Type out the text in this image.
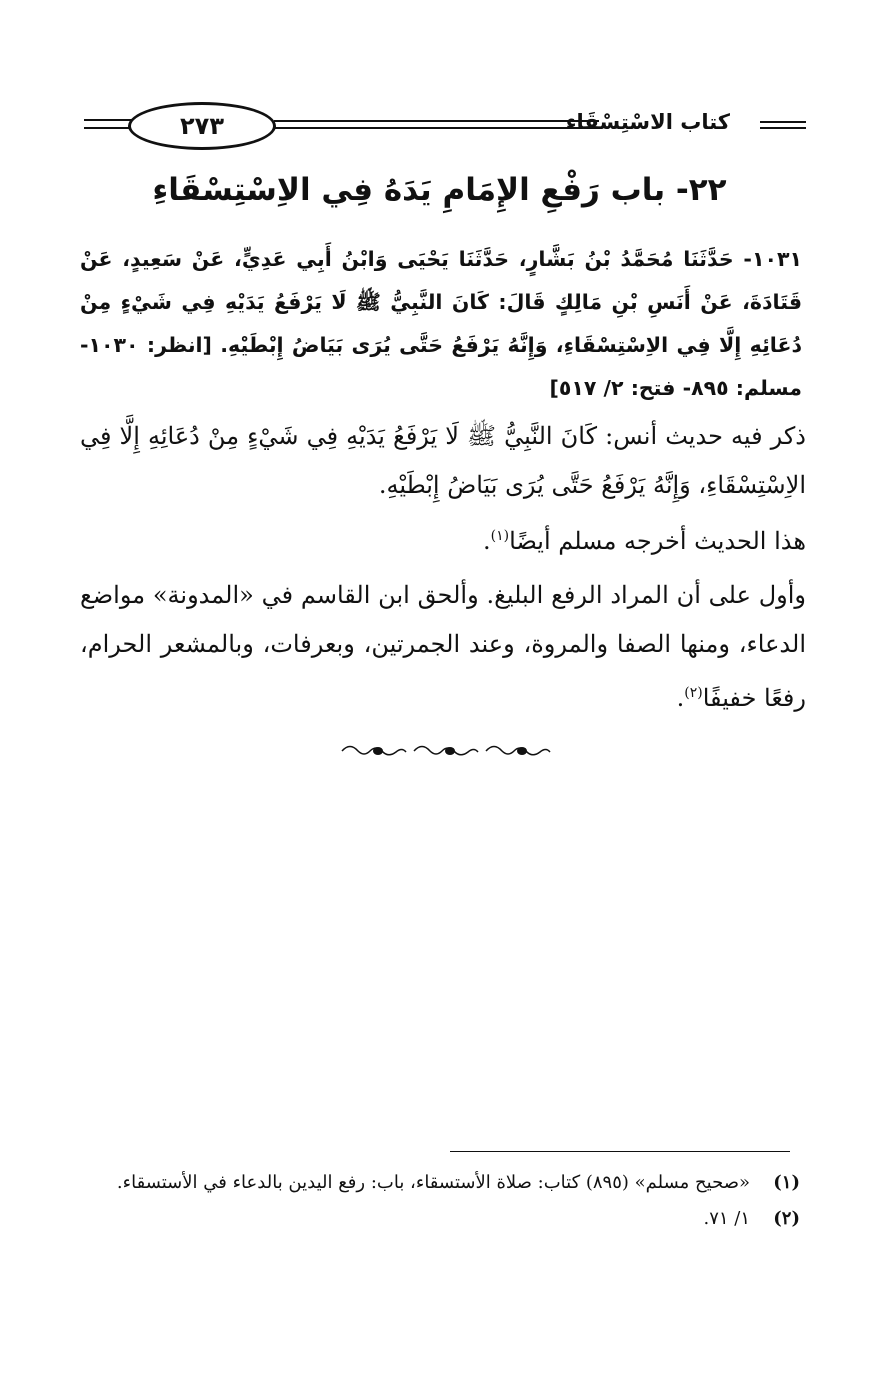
٢٧٣	كتاب الاسْتِسْقَاء
٢٢- باب رَفْعِ الإِمَامِ يَدَهُ فِي الاِسْتِسْقَاءِ
١٠٣١- حَدَّثَنَا مُحَمَّدُ بْنُ بَشَّارٍ، حَدَّثَنَا يَحْيَى وَابْنُ أَبِي عَدِيٍّ، عَنْ سَعِيدٍ، عَنْ قَتَادَةَ، عَنْ أَنَسِ بْنِ مَالِكٍ قَالَ: كَانَ النَّبِيُّ ﷺ لَا يَرْفَعُ يَدَيْهِ فِي شَيْءٍ مِنْ دُعَائِهِ إِلَّا فِي الاِسْتِسْقَاءِ، وَإِنَّهُ يَرْفَعُ حَتَّى يُرَى بَيَاضُ إِبْطَيْهِ. [انظر: ١٠٣٠- مسلم: ٨٩٥- فتح: ٢/ ٥١٧]
ذكر فيه حديث أنس: كَانَ النَّبِيُّ ﷺ لَا يَرْفَعُ يَدَيْهِ فِي شَيْءٍ مِنْ دُعَائِهِ إِلَّا فِي الاِسْتِسْقَاءِ، وَإِنَّهُ يَرْفَعُ حَتَّى يُرَى بَيَاضُ إِبْطَيْهِ.
هذا الحديث أخرجه مسلم أيضًا$^{(١)}$.
وأول على أن المراد الرفع البليغ. وألحق ابن القاسم في «المدونة» مواضع الدعاء، ومنها الصفا والمروة، وعند الجمرتين، وبعرفات، وبالمشعر الحرام، رفعًا خفيفًا$^{(٢)}$.
(١)
«صحيح مسلم» (٨٩٥) كتاب: صلاة الأستسقاء، باب: رفع اليدين بالدعاء في الأستسقاء.
(٢)
١/ ٧١.
